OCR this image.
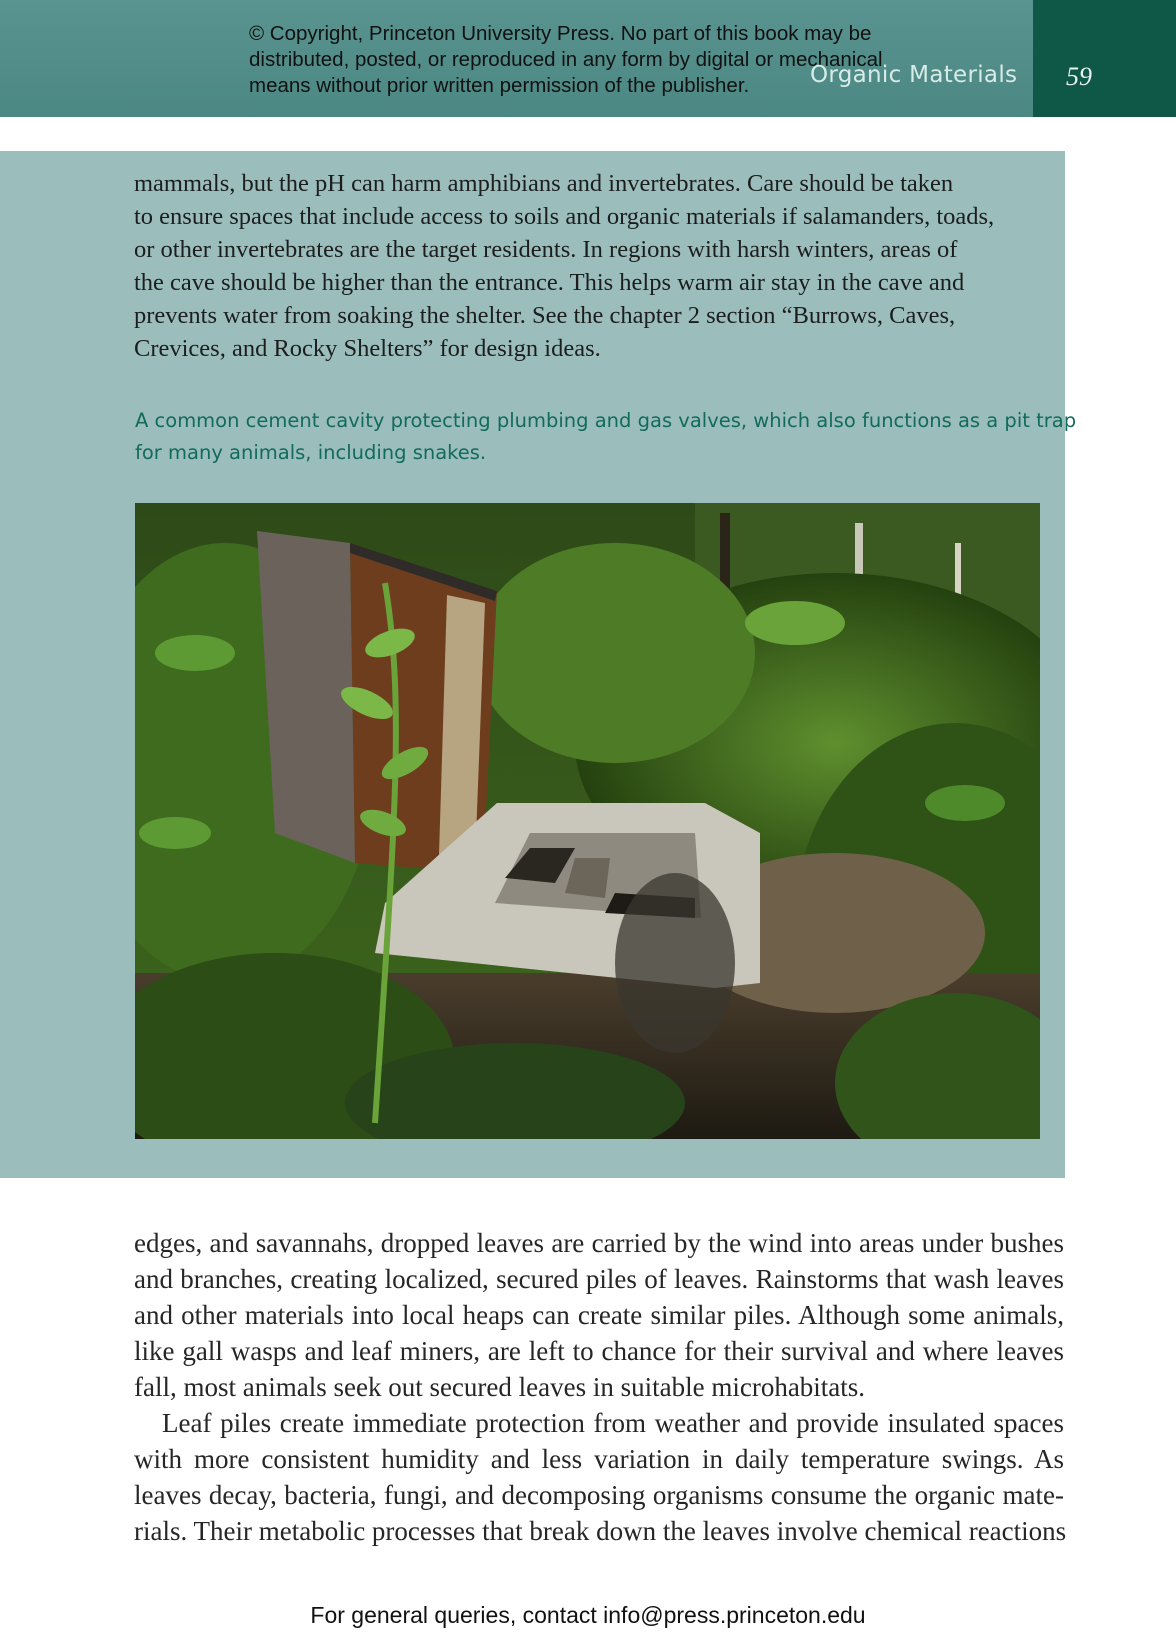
© Copyright, Princeton University Press. No part of this book may be
distributed, posted, or reproduced in any form by digital or mechanical
means without prior written permission of the publisher.	Organic Materials 59
mammals, but the pH can harm amphibians and invertebrates. Care should be taken
to ensure spaces that include access to soils and organic materials if salamanders, toads,
or other invertebrates are the target residents. In regions with harsh winters, areas of
the cave should be higher than the entrance. This helps warm air stay in the cave and
prevents water from soaking the shelter. See the chapter 2 section “Burrows, Caves,
Crevices, and Rocky Shelters” for design ideas.
A common cement cavity protecting plumbing and gas valves, which also functions as a pit trap
for many animals, including snakes.
edges, and savannahs, dropped leaves are carried by the wind into areas under bushes
and branches, creating localized, secured piles of leaves. Rainstorms that wash leaves
and other materials into local heaps can create similar piles. Although some animals,
like gall wasps and leaf miners, are left to chance for their survival and where leaves
fall, most animals seek out secured leaves in suitable microhabitats.
Leaf piles create immediate protection from weather and provide insulated spaces
with more consistent humidity and less variation in daily temperature swings. As
leaves decay, bacteria, fungi, and decomposing organisms consume the organic mate-
rials. Their metabolic processes that break down the leaves involve chemical reactions
For general queries, contact info@press.princeton.edu
